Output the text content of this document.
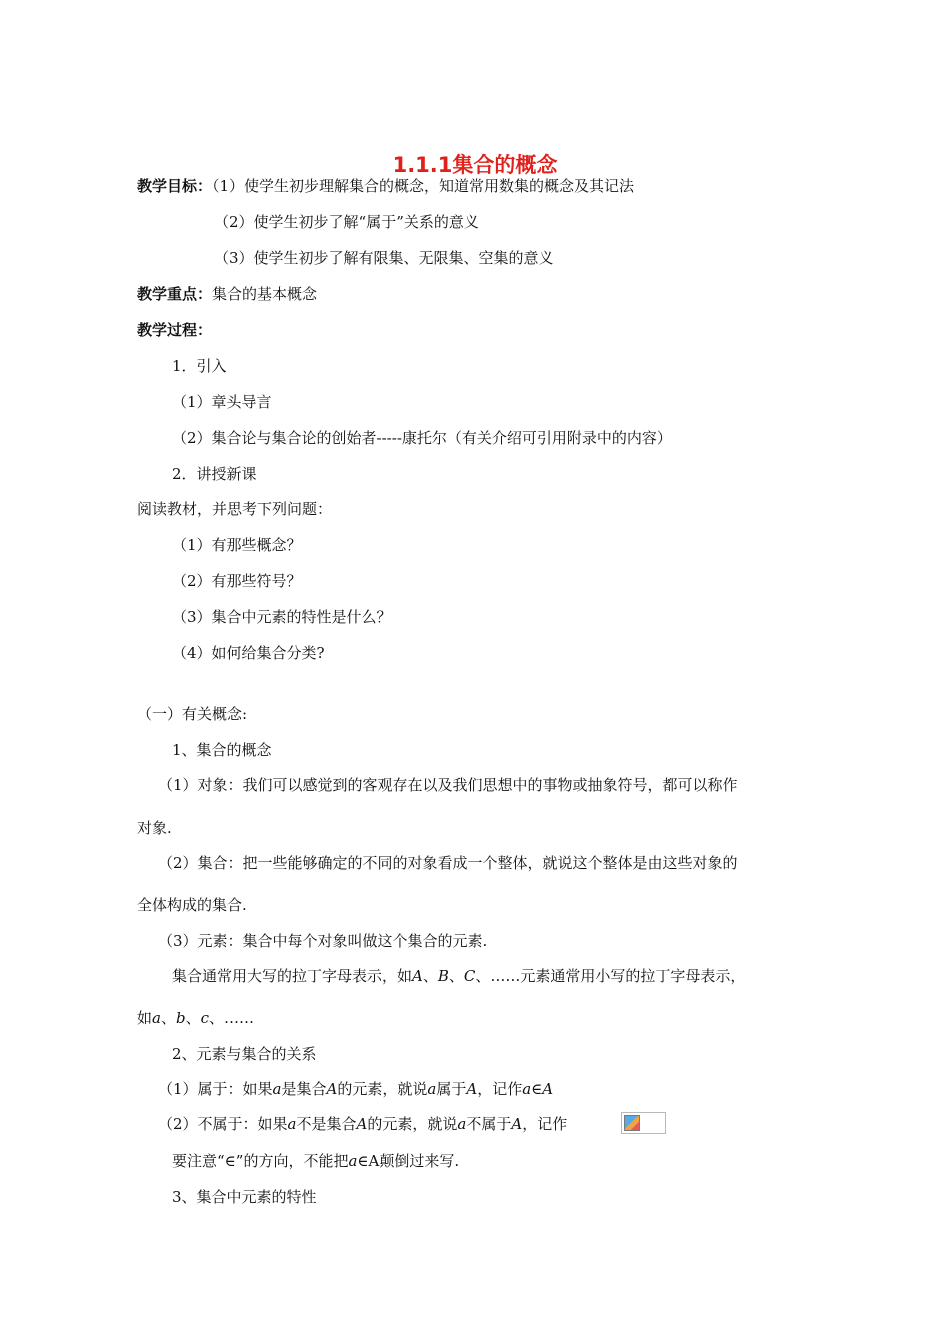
1.1.1集合的概念
教学目标：（1）使学生初步理解集合的概念，知道常用数集的概念及其记法
（2）使学生初步了解“属于”关系的意义
（3）使学生初步了解有限集、无限集、空集的意义
教学重点：集合的基本概念
教学过程：
1．引入
（1）章头导言
（2）集合论与集合论的创始者-----康托尔（有关介绍可引用附录中的内容）
2．讲授新课
阅读教材，并思考下列问题：
（1）有那些概念？
（2）有那些符号？
（3）集合中元素的特性是什么？
（4）如何给集合分类?
（一）有关概念:
1、集合的概念
（1）对象：我们可以感觉到的客观存在以及我们思想中的事物或抽象符号，都可以称作
对象.
（2）集合：把一些能够确定的不同的对象看成一个整体，就说这个整体是由这些对象的
全体构成的集合.
（3）元素：集合中每个对象叫做这个集合的元素.
集合通常用大写的拉丁字母表示，如A、B、C、……元素通常用小写的拉丁字母表示，
如a、b、c、……
2、元素与集合的关系
（1）属于：如果a是集合A的元素，就说a属于A，记作a∈A
（2）不属于：如果a不是集合A的元素，就说a不属于A，记作
要注意“∈”的方向，不能把a∈A颠倒过来写.
3、集合中元素的特性
